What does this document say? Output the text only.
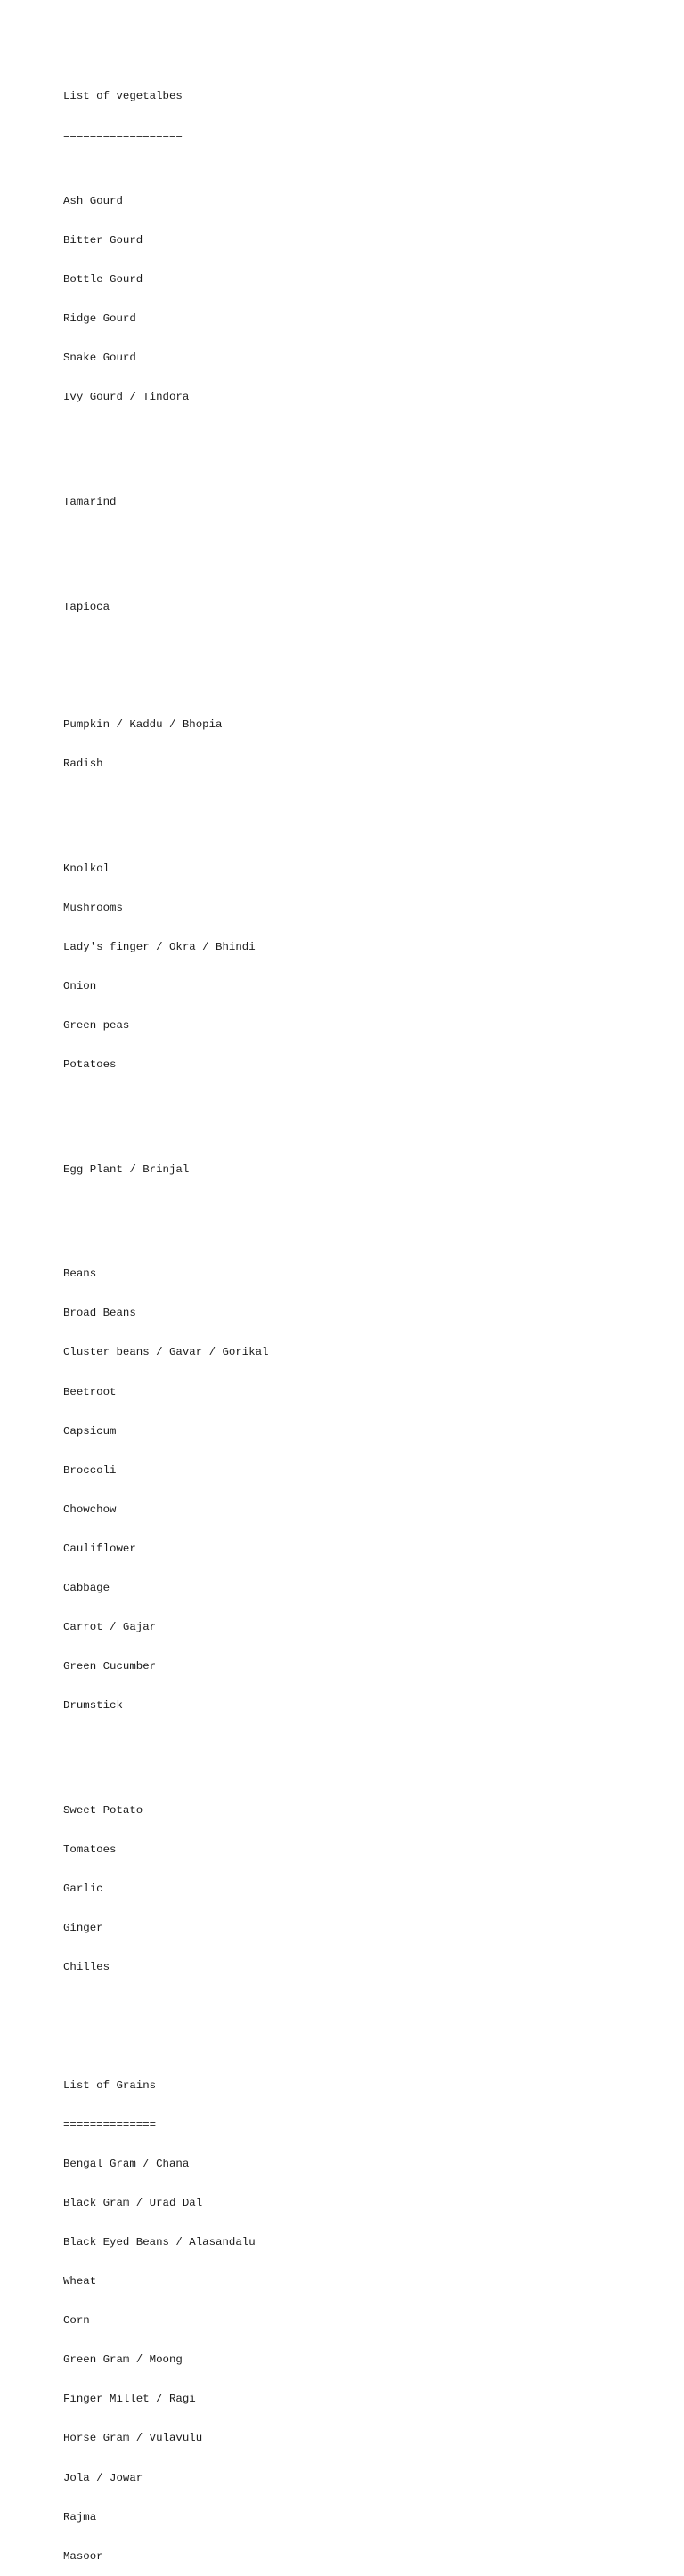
List of vegetalbes

==================

Ash Gourd

Bitter Gourd

Bottle Gourd

Ridge Gourd

Snake Gourd

Ivy Gourd / Tindora

Tamarind

Tapioca

Pumpkin / Kaddu / Bhopia

Radish

Knolkol

Mushrooms

Lady's finger / Okra / Bhindi

Onion

Green peas

Potatoes

Egg Plant / Brinjal

Beans

Broad Beans

Cluster beans / Gavar / Gorikal

Beetroot

Capsicum

Broccoli

Chowchow

Cauliflower

Cabbage

Carrot / Gajar

Green Cucumber

Drumstick

Sweet Potato

Tomatoes

Garlic

Ginger

Chilles

List of Grains

==============

Bengal Gram / Chana

Black Gram / Urad Dal

Black Eyed Beans / Alasandalu

Wheat

Corn

Green Gram / Moong

Finger Millet / Ragi

Horse Gram / Vulavulu

Jola / Jowar

Rajma

Masoor
